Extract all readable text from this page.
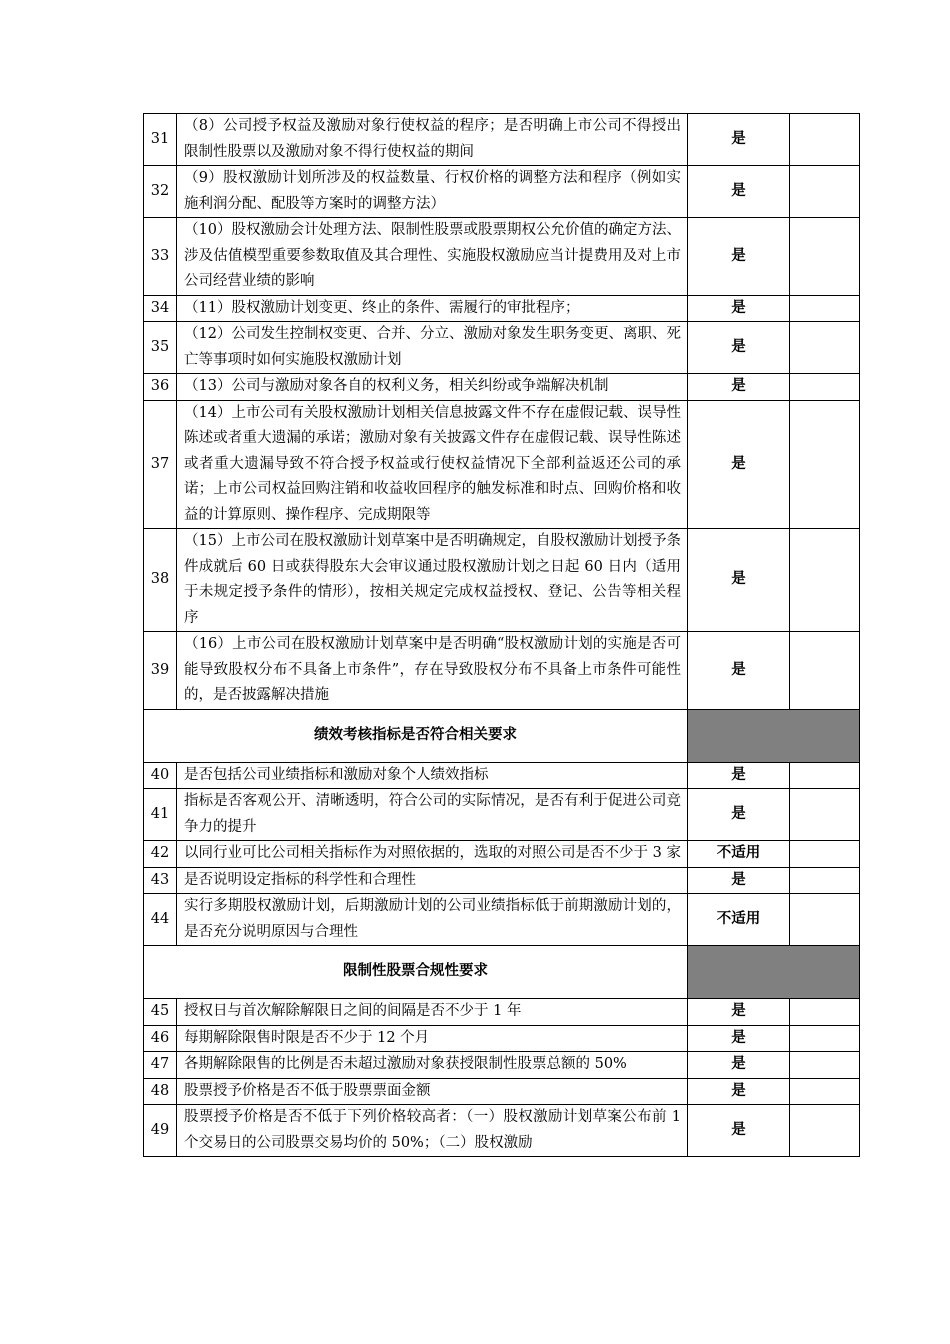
31	（8）公司授予权益及激励对象行使权益的程序；是否明确上市公司不得授出限制性股票以及激励对象不得行使权益的期间	是	
32	（9）股权激励计划所涉及的权益数量、行权价格的调整方法和程序（例如实施利润分配、配股等方案时的调整方法）	是	
33	（10）股权激励会计处理方法、限制性股票或股票期权公允价值的确定方法、涉及估值模型重要参数取值及其合理性、实施股权激励应当计提费用及对上市公司经营业绩的影响	是	
34	（11）股权激励计划变更、终止的条件、需履行的审批程序；	是	
35	（12）公司发生控制权变更、合并、分立、激励对象发生职务变更、离职、死亡等事项时如何实施股权激励计划	是	
36	（13）公司与激励对象各自的权利义务，相关纠纷或争端解决机制	是	
37	（14）上市公司有关股权激励计划相关信息披露文件不存在虚假记载、误导性陈述或者重大遗漏的承诺；激励对象有关披露文件存在虚假记载、误导性陈述或者重大遗漏导致不符合授予权益或行使权益情况下全部利益返还公司的承诺；上市公司权益回购注销和收益收回程序的触发标准和时点、回购价格和收益的计算原则、操作程序、完成期限等	是	
38	（15）上市公司在股权激励计划草案中是否明确规定，自股权激励计划授予条件成就后 60 日或获得股东大会审议通过股权激励计划之日起 60 日内（适用于未规定授予条件的情形），按相关规定完成权益授权、登记、公告等相关程序	是	
39	（16）上市公司在股权激励计划草案中是否明确“股权激励计划的实施是否可能导致股权分布不具备上市条件”，存在导致股权分布不具备上市条件可能性的，是否披露解决措施	是	
绩效考核指标是否符合相关要求			
40	是否包括公司业绩指标和激励对象个人绩效指标	是	
41	指标是否客观公开、清晰透明，符合公司的实际情况，是否有利于促进公司竞争力的提升	是	
42	以同行业可比公司相关指标作为对照依据的，选取的对照公司是否不少于 3 家	不适用	
43	是否说明设定指标的科学性和合理性	是	
44	实行多期股权激励计划，后期激励计划的公司业绩指标低于前期激励计划的，是否充分说明原因与合理性	不适用	
限制性股票合规性要求			
45	授权日与首次解除解限日之间的间隔是否不少于 1 年	是	
46	每期解除限售时限是否不少于 12 个月	是	
47	各期解除限售的比例是否未超过激励对象获授限制性股票总额的 50%	是	
48	股票授予价格是否不低于股票票面金额	是	
49	股票授予价格是否不低于下列价格较高者：（一）股权激励计划草案公布前 1 个交易日的公司股票交易均价的 50%；（二）股权激励	是	
